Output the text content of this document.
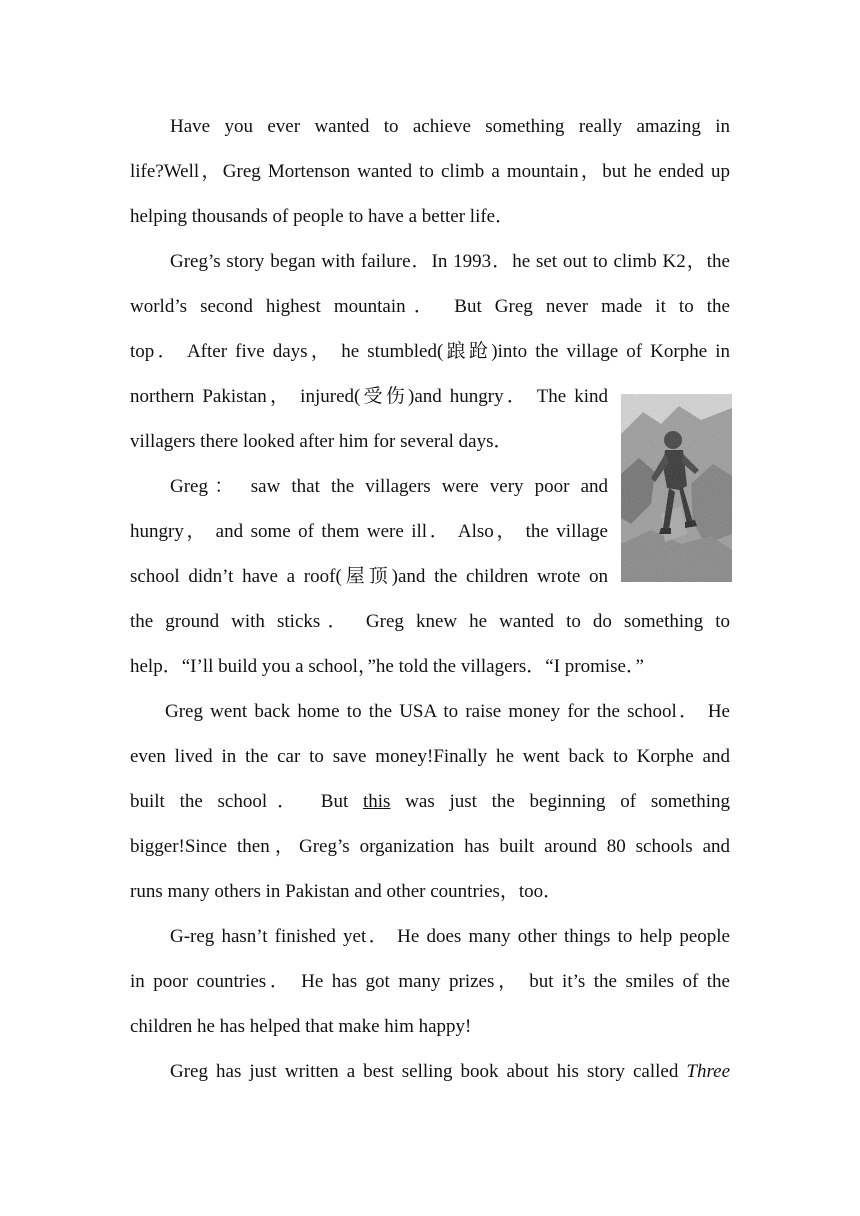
Have you ever wanted to achieve something really amazing in
life?Well，Greg Mortenson wanted to climb a mountain，but he ended up
helping thousands of people to have a better life．
Greg’s story began with failure．In 1993．he set out to climb K2，the
world’s second highest mountain． But Greg never made it to the
top． After five days， he stumbled(踉跄)into the village of Korphe in
northern Pakistan， injured(受伤)and hungry． The kind
villagers there looked after him for several days．
Greg： saw that the villagers were very poor and
hungry， and some of them were ill． Also， the village
school didn’t have a roof(屋顶)and the children wrote on
the ground with sticks． Greg knew he wanted to do something to
help．“I’ll build you a school，”he told the villagers．“I promise．”
Greg went back home to the USA to raise money for the school． He
even lived in the car to save money!Finally he went back to Korphe and
built the school． But this was just the beginning of something
bigger!Since then，Greg’s organization has built around 80 schools and
runs many others in Pakistan and other countries，too．
G-reg hasn’t finished yet． He does many other things to help people
in poor countries． He has got many prizes， but it’s the smiles of the
children he has helped that make him happy!
Greg has just written a best selling book about his story called Three
